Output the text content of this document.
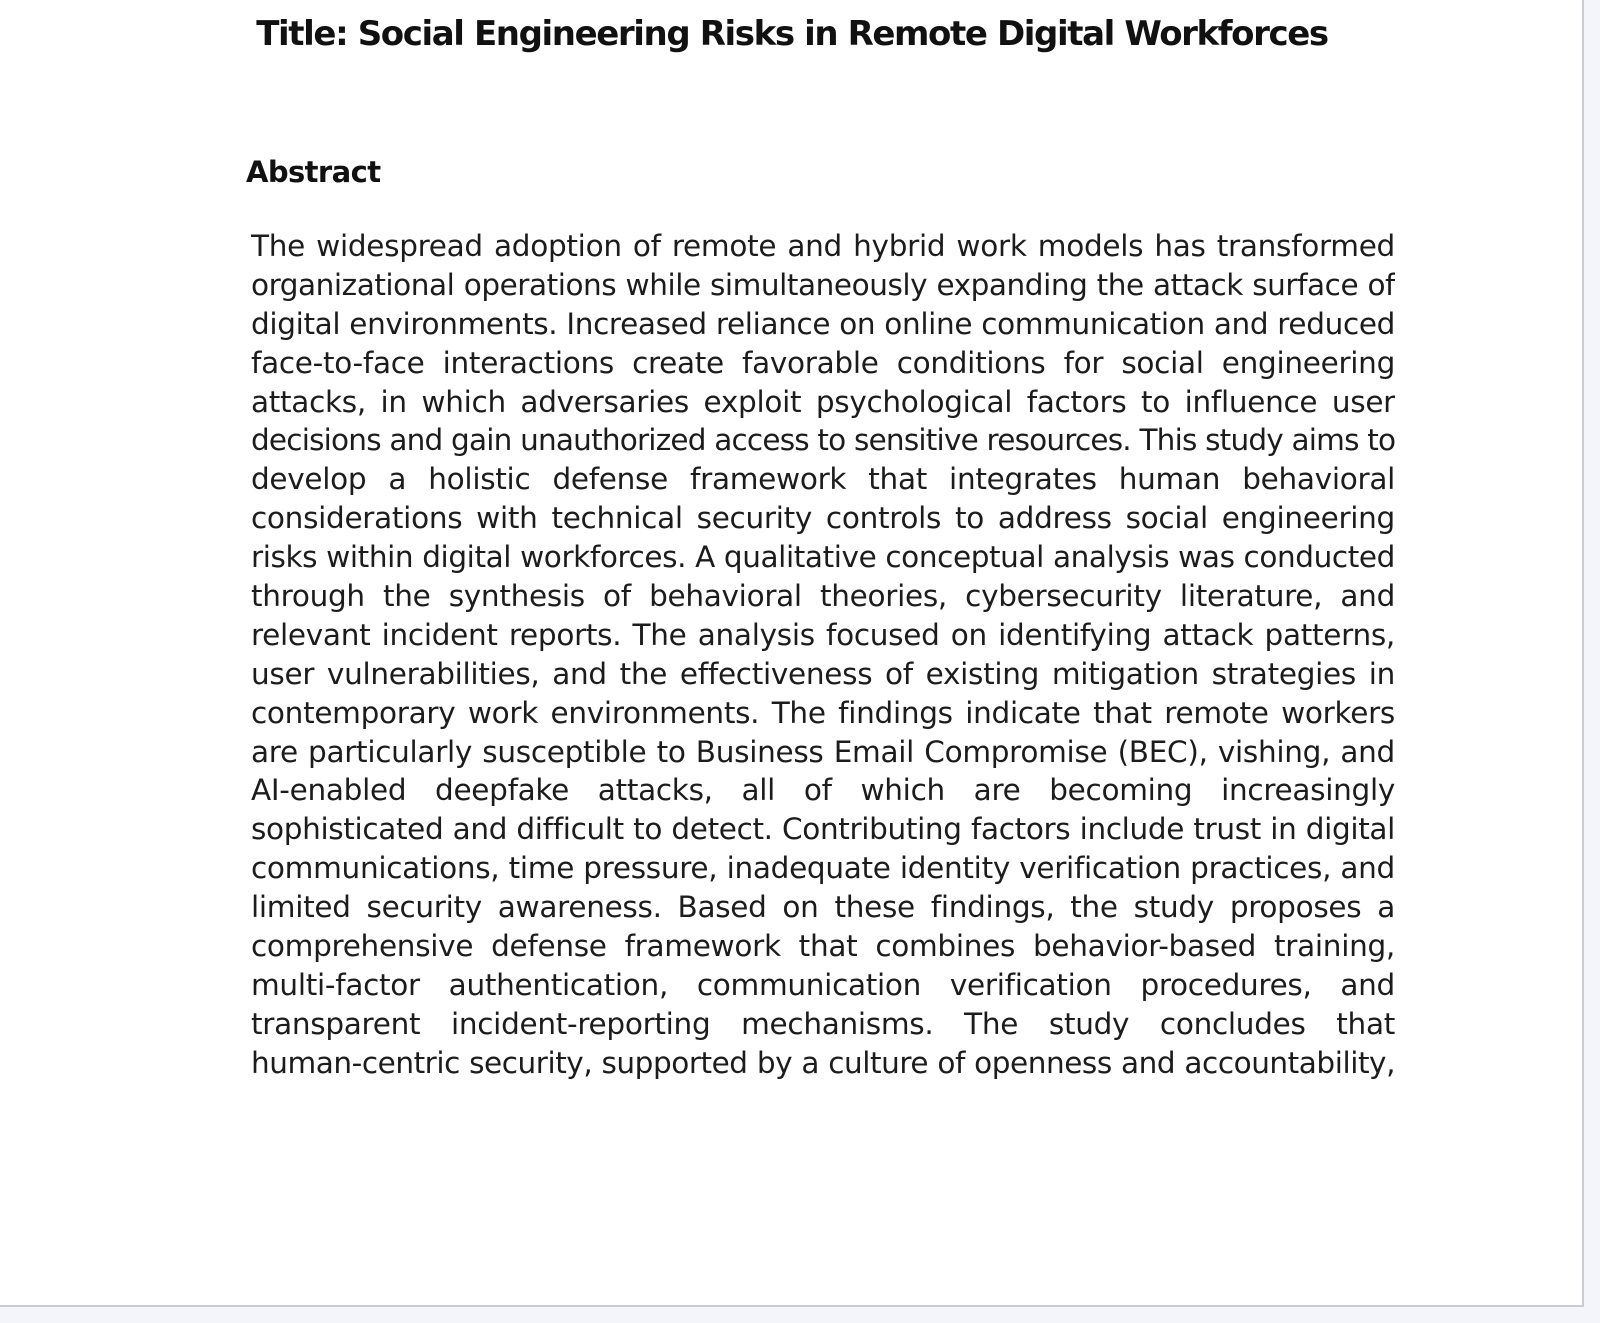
Title: Social Engineering Risks in Remote Digital Workforces
Abstract
The widespread adoption of remote and hybrid work models has transformed
organizational operations while simultaneously expanding the attack surface of
digital environments. Increased reliance on online communication and reduced
face-to-face interactions create favorable conditions for social engineering
attacks, in which adversaries exploit psychological factors to influence user
decisions and gain unauthorized access to sensitive resources. This study aims to
develop a holistic defense framework that integrates human behavioral
considerations with technical security controls to address social engineering
risks within digital workforces. A qualitative conceptual analysis was conducted
through the synthesis of behavioral theories, cybersecurity literature, and
relevant incident reports. The analysis focused on identifying attack patterns,
user vulnerabilities, and the effectiveness of existing mitigation strategies in
contemporary work environments. The findings indicate that remote workers
are particularly susceptible to Business Email Compromise (BEC), vishing, and
AI-enabled deepfake attacks, all of which are becoming increasingly
sophisticated and difficult to detect. Contributing factors include trust in digital
communications, time pressure, inadequate identity verification practices, and
limited security awareness. Based on these findings, the study proposes a
comprehensive defense framework that combines behavior-based training,
multi-factor authentication, communication verification procedures, and
transparent incident-reporting mechanisms. The study concludes that
human-centric security, supported by a culture of openness and accountability,
